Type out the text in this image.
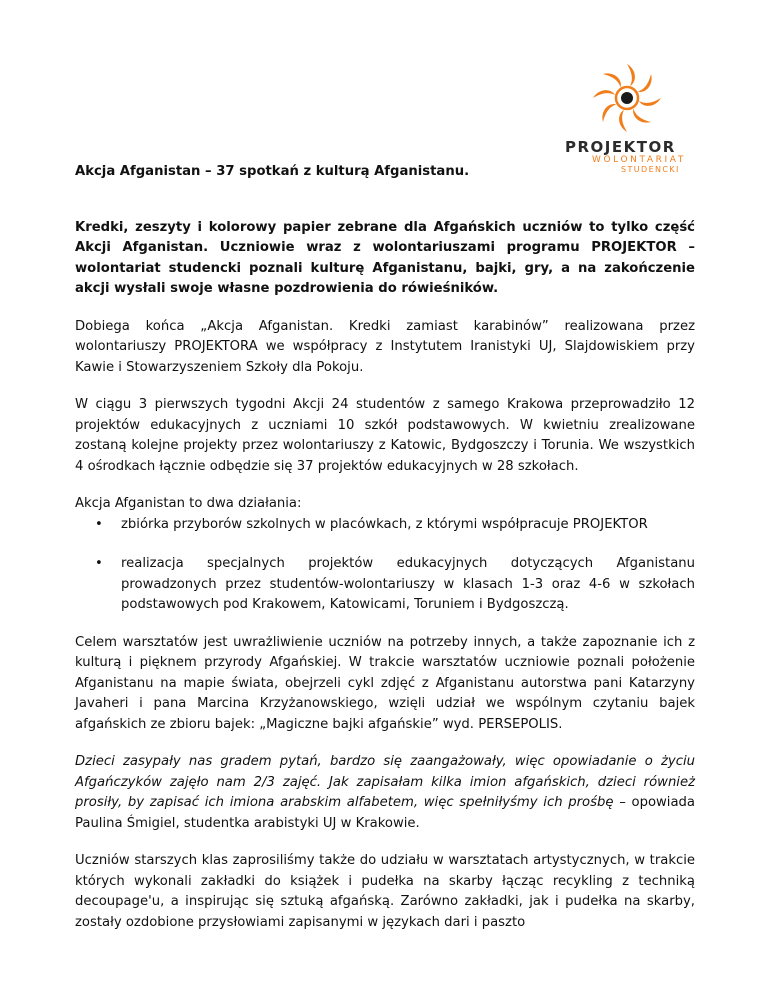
PROJEKTOR
WOLONTARIAT
STUDENCKI
Akcja Afganistan – 37 spotkań z kulturą Afganistanu.

Kredki, zeszyty i kolorowy papier zebrane dla Afgańskich uczniów to tylko część Akcji Afganistan. Uczniowie wraz z wolontariuszami programu PROJEKTOR – wolontariat studencki poznali kulturę Afganistanu, bajki, gry, a na zakończenie akcji wysłali swoje własne pozdrowienia do rówieśników.

Dobiega końca „Akcja Afganistan. Kredki zamiast karabinów” realizowana przez wolontariuszy PROJEKTORA we współpracy z Instytutem Iranistyki UJ, Slajdowiskiem przy Kawie i Stowarzyszeniem Szkoły dla Pokoju.

W ciągu 3 pierwszych tygodni Akcji 24 studentów z samego Krakowa przeprowadziło 12 projektów edukacyjnych z uczniami 10 szkół podstawowych. W kwietniu zrealizowane zostaną kolejne projekty przez wolontariuszy z Katowic, Bydgoszczy i Torunia. We wszystkich 4 ośrodkach łącznie odbędzie się 37 projektów edukacyjnych w 28 szkołach.

Akcja Afganistan to dwa działania:

• zbiórka przyborów szkolnych w placówkach, z którymi współpracuje PROJEKTOR
• realizacja specjalnych projektów edukacyjnych dotyczących Afganistanu prowadzonych przez studentów-wolontariuszy w klasach 1-3 oraz 4-6 w szkołach podstawowych pod Krakowem, Katowicami, Toruniem i Bydgoszczą.

Celem warsztatów jest uwrażliwienie uczniów na potrzeby innych, a także zapoznanie ich z kulturą i pięknem przyrody Afgańskiej. W trakcie warsztatów uczniowie poznali położenie Afganistanu na mapie świata, obejrzeli cykl zdjęć z Afganistanu autorstwa pani Katarzyny Javaheri i pana Marcina Krzyżanowskiego, wzięli udział we wspólnym czytaniu bajek afgańskich ze zbioru bajek: „Magiczne bajki afgańskie” wyd. PERSEPOLIS.

Dzieci zasypały nas gradem pytań, bardzo się zaangażowały, więc opowiadanie o życiu Afgańczyków zajęło nam 2/3 zajęć. Jak zapisałam kilka imion afgańskich, dzieci również prosiły, by zapisać ich imiona arabskim alfabetem, więc spełniłyśmy ich prośbę – opowiada Paulina Śmigiel, studentka arabistyki UJ w Krakowie.

Uczniów starszych klas zaprosiliśmy także do udziału w warsztatach artystycznych, w trakcie których wykonali zakładki do książek i pudełka na skarby łącząc recykling z techniką decoupage'u, a inspirując się sztuką afgańską. Zarówno zakładki, jak i pudełka na skarby, zostały ozdobione przysłowiami zapisanymi w językach dari i paszto
